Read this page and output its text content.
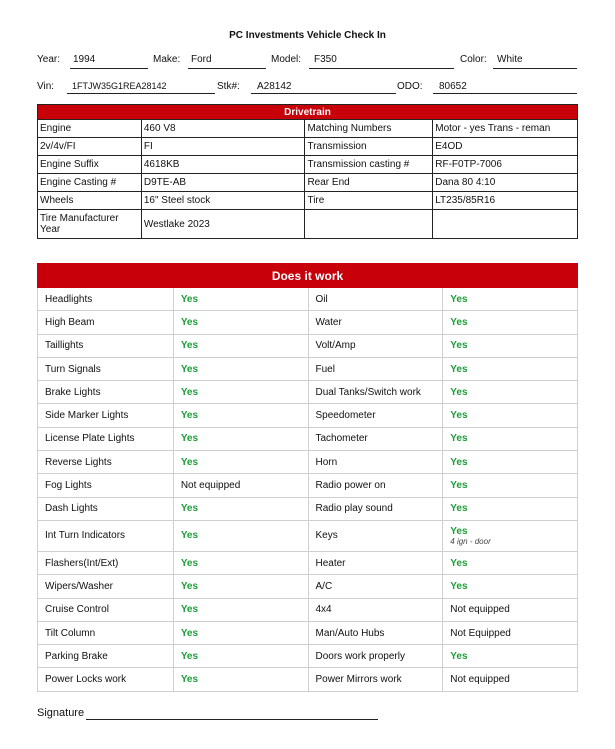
PC Investments Vehicle Check In
Year: 1994	Make: Ford	Model: F350	Color: White
Vin: 1FTJW35G1REA28142	Stk#: A28142	ODO: 80652
Drivetrain			
Engine	460 V8	Matching Numbers	Motor - yes Trans - reman
2v/4v/FI	FI	Transmission	E4OD
Engine Suffix	4618KB	Transmission casting #	RF-F0TP-7006
Engine Casting #	D9TE-AB	Rear End	Dana 80 4:10
Wheels	16" Steel stock	Tire	LT235/85R16
Tire Manufacturer Year	Westlake 2023		
Does it work			
Headlights	Yes	Oil	Yes
High Beam	Yes	Water	Yes
Taillights	Yes	Volt/Amp	Yes
Turn Signals	Yes	Fuel	Yes
Brake Lights	Yes	Dual Tanks/Switch work	Yes
Side Marker Lights	Yes	Speedometer	Yes
License Plate Lights	Yes	Tachometer	Yes
Reverse Lights	Yes	Horn	Yes
Fog Lights	Not equipped	Radio power on	Yes
Dash Lights	Yes	Radio play sound	Yes
Int Turn Indicators	Yes	Keys	Yes
4 ign - door

Flashers(Int/Ext)	Yes	Heater	Yes
Wipers/Washer	Yes	A/C	Yes
Cruise Control	Yes	4x4	Not equipped
Tilt Column	Yes	Man/Auto Hubs	Not Equipped
Parking Brake	Yes	Doors work properly	Yes
Power Locks work	Yes	Power Mirrors work	Not equipped
Signature
